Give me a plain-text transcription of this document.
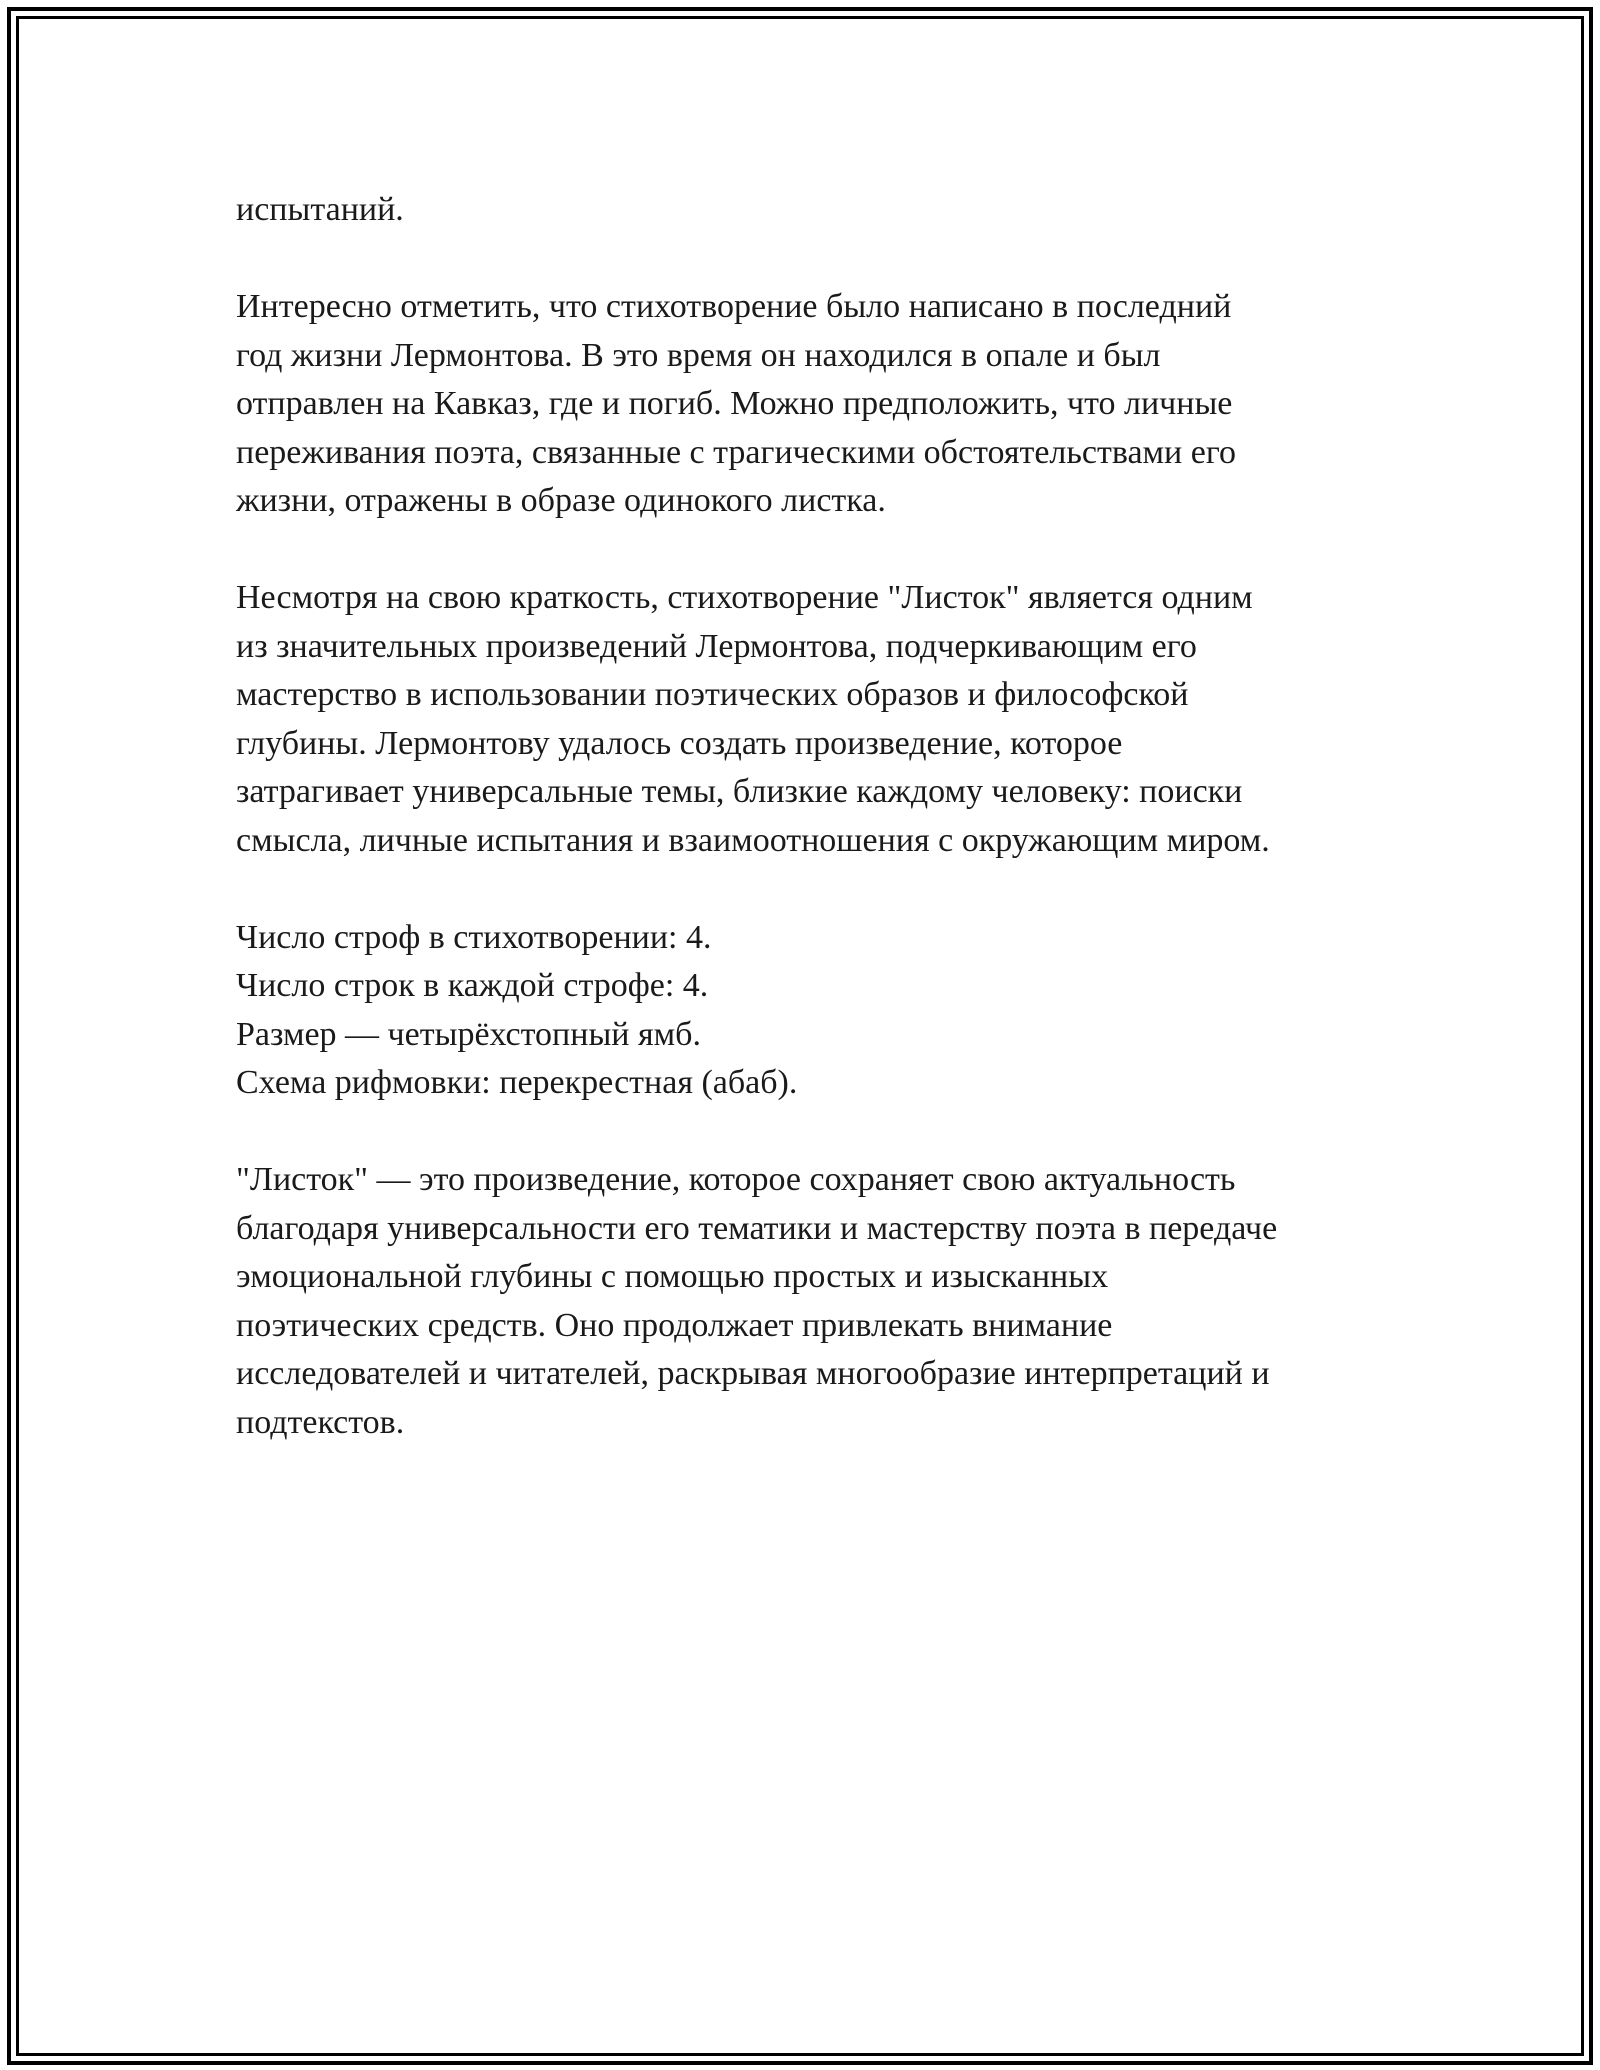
испытаний.

Интересно отметить, что стихотворение было написано в последний
год жизни Лермонтова. В это время он находился в опале и был
отправлен на Кавказ, где и погиб. Можно предположить, что личные
переживания поэта, связанные с трагическими обстоятельствами его
жизни, отражены в образе одинокого листка.

Несмотря на свою краткость, стихотворение "Листок" является одним
из значительных произведений Лермонтова, подчеркивающим его
мастерство в использовании поэтических образов и философской
глубины. Лермонтову удалось создать произведение, которое
затрагивает универсальные темы, близкие каждому человеку: поиски
смысла, личные испытания и взаимоотношения с окружающим миром.

Число строф в стихотворении: 4.
Число строк в каждой строфе: 4.
Размер — четырёхстопный ямб.
Схема рифмовки: перекрестная (абаб).

"Листок" — это произведение, которое сохраняет свою актуальность
благодаря универсальности его тематики и мастерству поэта в передаче
эмоциональной глубины с помощью простых и изысканных
поэтических средств. Оно продолжает привлекать внимание
исследователей и читателей, раскрывая многообразие интерпретаций и
подтекстов.
